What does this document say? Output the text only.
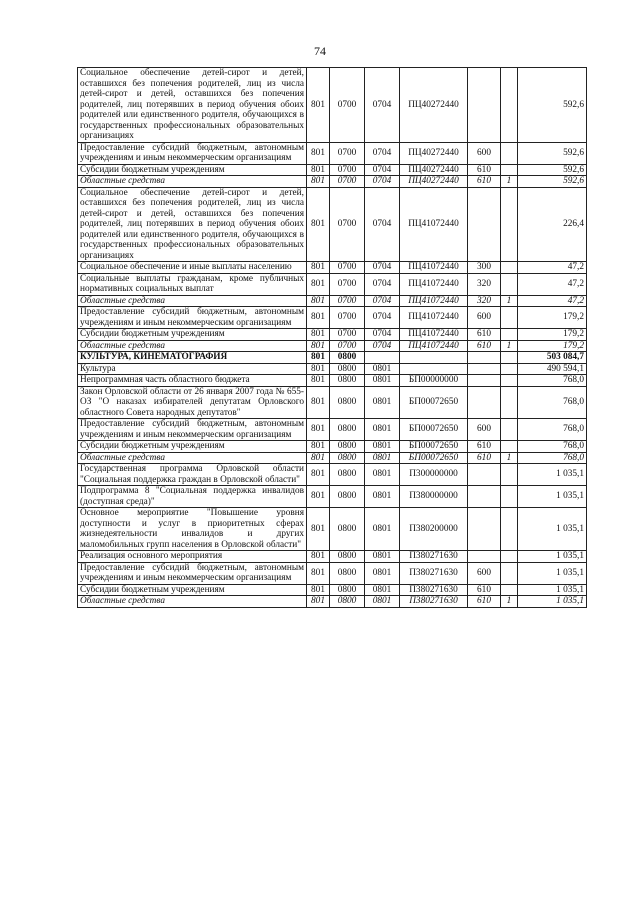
74
Социальное обеспечение детей-сирот и детей, оставшихся без попечения родителей, лиц из числа детей-сирот и детей, оставшихся без попечения родителей, лиц потерявших в период обучения обоих родителей или единственного родителя, обучающихся в государственных профессиональных образовательных организациях	801	0700	0704	ПЦ40272440			592,6
Предоставление субсидий бюджетным, автономным учреждениям и иным некоммерческим организациям	801	0700	0704	ПЦ40272440	600		592,6
Субсидии бюджетным учреждениям	801	0700	0704	ПЦ40272440	610		592,6
Областные средства	801	0700	0704	ПЦ40272440	610	1	592,6
Социальное обеспечение детей-сирот и детей, оставшихся без попечения родителей, лиц из числа детей-сирот и детей, оставшихся без попечения родителей, лиц потерявших в период обучения обоих родителей или единственного родителя, обучающихся в государственных профессиональных образовательных организациях	801	0700	0704	ПЦ41072440			226,4
Социальное обеспечение и иные выплаты населению	801	0700	0704	ПЦ41072440	300		47,2
Социальные выплаты гражданам, кроме публичных нормативных социальных выплат	801	0700	0704	ПЦ41072440	320		47,2
Областные средства	801	0700	0704	ПЦ41072440	320	1	47,2
Предоставление субсидий бюджетным, автономным учреждениям и иным некоммерческим организациям	801	0700	0704	ПЦ41072440	600		179,2
Субсидии бюджетным учреждениям	801	0700	0704	ПЦ41072440	610		179,2
Областные средства	801	0700	0704	ПЦ41072440	610	1	179,2
КУЛЬТУРА, КИНЕМАТОГРАФИЯ	801	0800					503 084,7
Культура	801	0800	0801				490 594,1
Непрограммная часть областного бюджета	801	0800	0801	БП00000000			768,0
Закон Орловской области от 26 января 2007 года № 655-ОЗ "О наказах избирателей депутатам Орловского областного Совета народных депутатов"	801	0800	0801	БП00072650			768,0
Предоставление субсидий бюджетным, автономным учреждениям и иным некоммерческим организациям	801	0800	0801	БП00072650	600		768,0
Субсидии бюджетным учреждениям	801	0800	0801	БП00072650	610		768,0
Областные средства	801	0800	0801	БП00072650	610	1	768,0
Государственная программа Орловской области "Социальная поддержка граждан в Орловской области"	801	0800	0801	П300000000			1 035,1
Подпрограмма 8 "Социальная поддержка инвалидов (доступная среда)"	801	0800	0801	П380000000			1 035,1
Основное мероприятие "Повышение уровня доступности и услуг в приоритетных сферах жизнедеятельности инвалидов и других маломобильных групп населения в Орловской области"	801	0800	0801	П380200000			1 035,1
Реализация основного мероприятия	801	0800	0801	П380271630			1 035,1
Предоставление субсидий бюджетным, автономным учреждениям и иным некоммерческим организациям	801	0800	0801	П380271630	600		1 035,1
Субсидии бюджетным учреждениям	801	0800	0801	П380271630	610		1 035,1
Областные средства	801	0800	0801	П380271630	610	1	1 035,1
